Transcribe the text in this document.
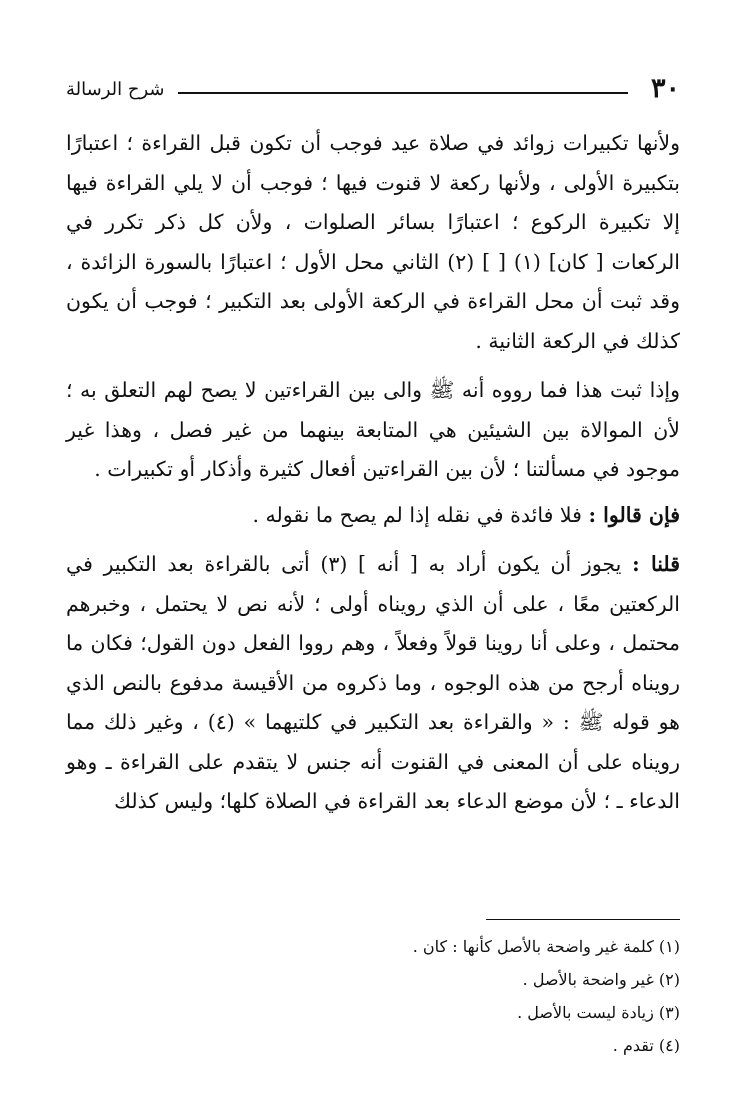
٣٠
شرح الرسالة

ولأنها تكبيرات زوائد في صلاة عيد فوجب أن تكون قبل القراءة ؛ اعتبارًا بتكبيرة الأولى ، ولأنها ركعة لا قنوت فيها ؛ فوجب أن لا يلي القراءة فيها إلا تكبيرة الركوع ؛ اعتبارًا بسائر الصلوات ، ولأن كل ذكر تكرر في الركعات [ كان] (١) [ ] (٢) الثاني محل الأول ؛ اعتبارًا بالسورة الزائدة ، وقد ثبت أن محل القراءة في الركعة الأولى بعد التكبير ؛ فوجب أن يكون كذلك في الركعة الثانية .

وإذا ثبت هذا فما رووه أنه ﷺ والى بين القراءتين لا يصح لهم التعلق به ؛ لأن الموالاة بين الشيئين هي المتابعة بينهما من غير فصل ، وهذا غير موجود في مسألتنا ؛ لأن بين القراءتين أفعال كثيرة وأذكار أو تكبيرات .

فإن قالوا : فلا فائدة في نقله إذا لم يصح ما نقوله .

قلنا : يجوز أن يكون أراد به [ أنه ] (٣) أتى بالقراءة بعد التكبير في الركعتين معًا ، على أن الذي رويناه أولى ؛ لأنه نص لا يحتمل ، وخبرهم محتمل ، وعلى أنا روينا قولاً وفعلاً ، وهم رووا الفعل دون القول؛ فكان ما رويناه أرجح من هذه الوجوه ، وما ذكروه من الأقيسة مدفوع بالنص الذي هو قوله ﷺ : « والقراءة بعد التكبير في كلتيهما » (٤) ، وغير ذلك مما رويناه على أن المعنى في القنوت أنه جنس لا يتقدم على القراءة ـ وهو الدعاء ـ ؛ لأن موضع الدعاء بعد القراءة في الصلاة كلها؛ وليس كذلك

(١) كلمة غير واضحة بالأصل كأنها : كان .

(٢) غير واضحة بالأصل .

(٣) زيادة ليست بالأصل .

(٤) تقدم .
